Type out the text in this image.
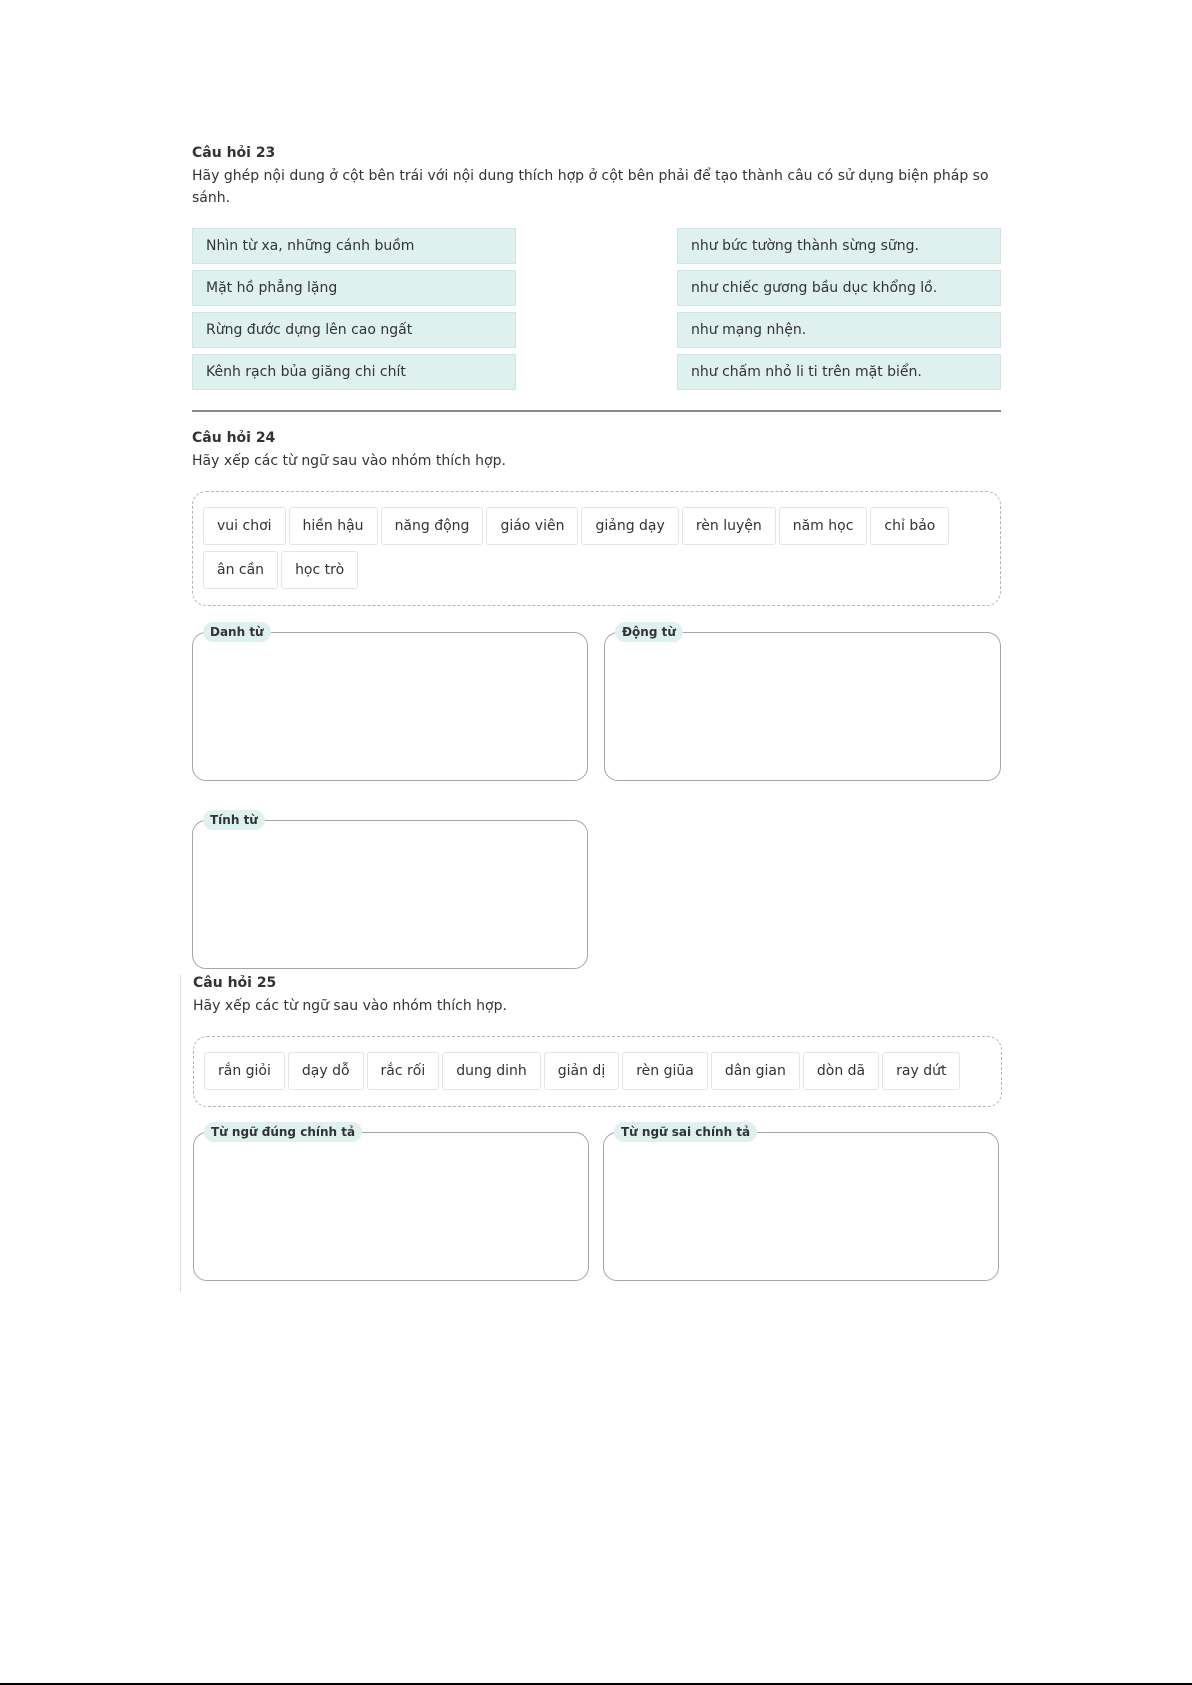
Câu hỏi 23

Hãy ghép nội dung ở cột bên trái với nội dung thích hợp ở cột bên phải để tạo thành câu có sử dụng biện pháp so sánh.

Nhìn từ xa, những cánh buồm
Mặt hồ phẳng lặng
Rừng đước dựng lên cao ngất
Kênh rạch bủa giăng chi chít
như bức tường thành sừng sững.
như chiếc gương bầu dục khổng lồ.
như mạng nhện.
như chấm nhỏ li ti trên mặt biển.
Câu hỏi 24

Hãy xếp các từ ngữ sau vào nhóm thích hợp.

vui chơi hiền hậu năng động giáo viên giảng dạy rèn luyện năm học chỉ bảo
ân cần học trò
Danh từ	Động từ
Tính từ
Câu hỏi 25

Hãy xếp các từ ngữ sau vào nhóm thích hợp.

rắn giỏi dạy dỗ rắc rối dung dinh giản dị rèn giũa dân gian dòn dã ray dứt
Từ ngữ đúng chính tả	Từ ngữ sai chính tả
